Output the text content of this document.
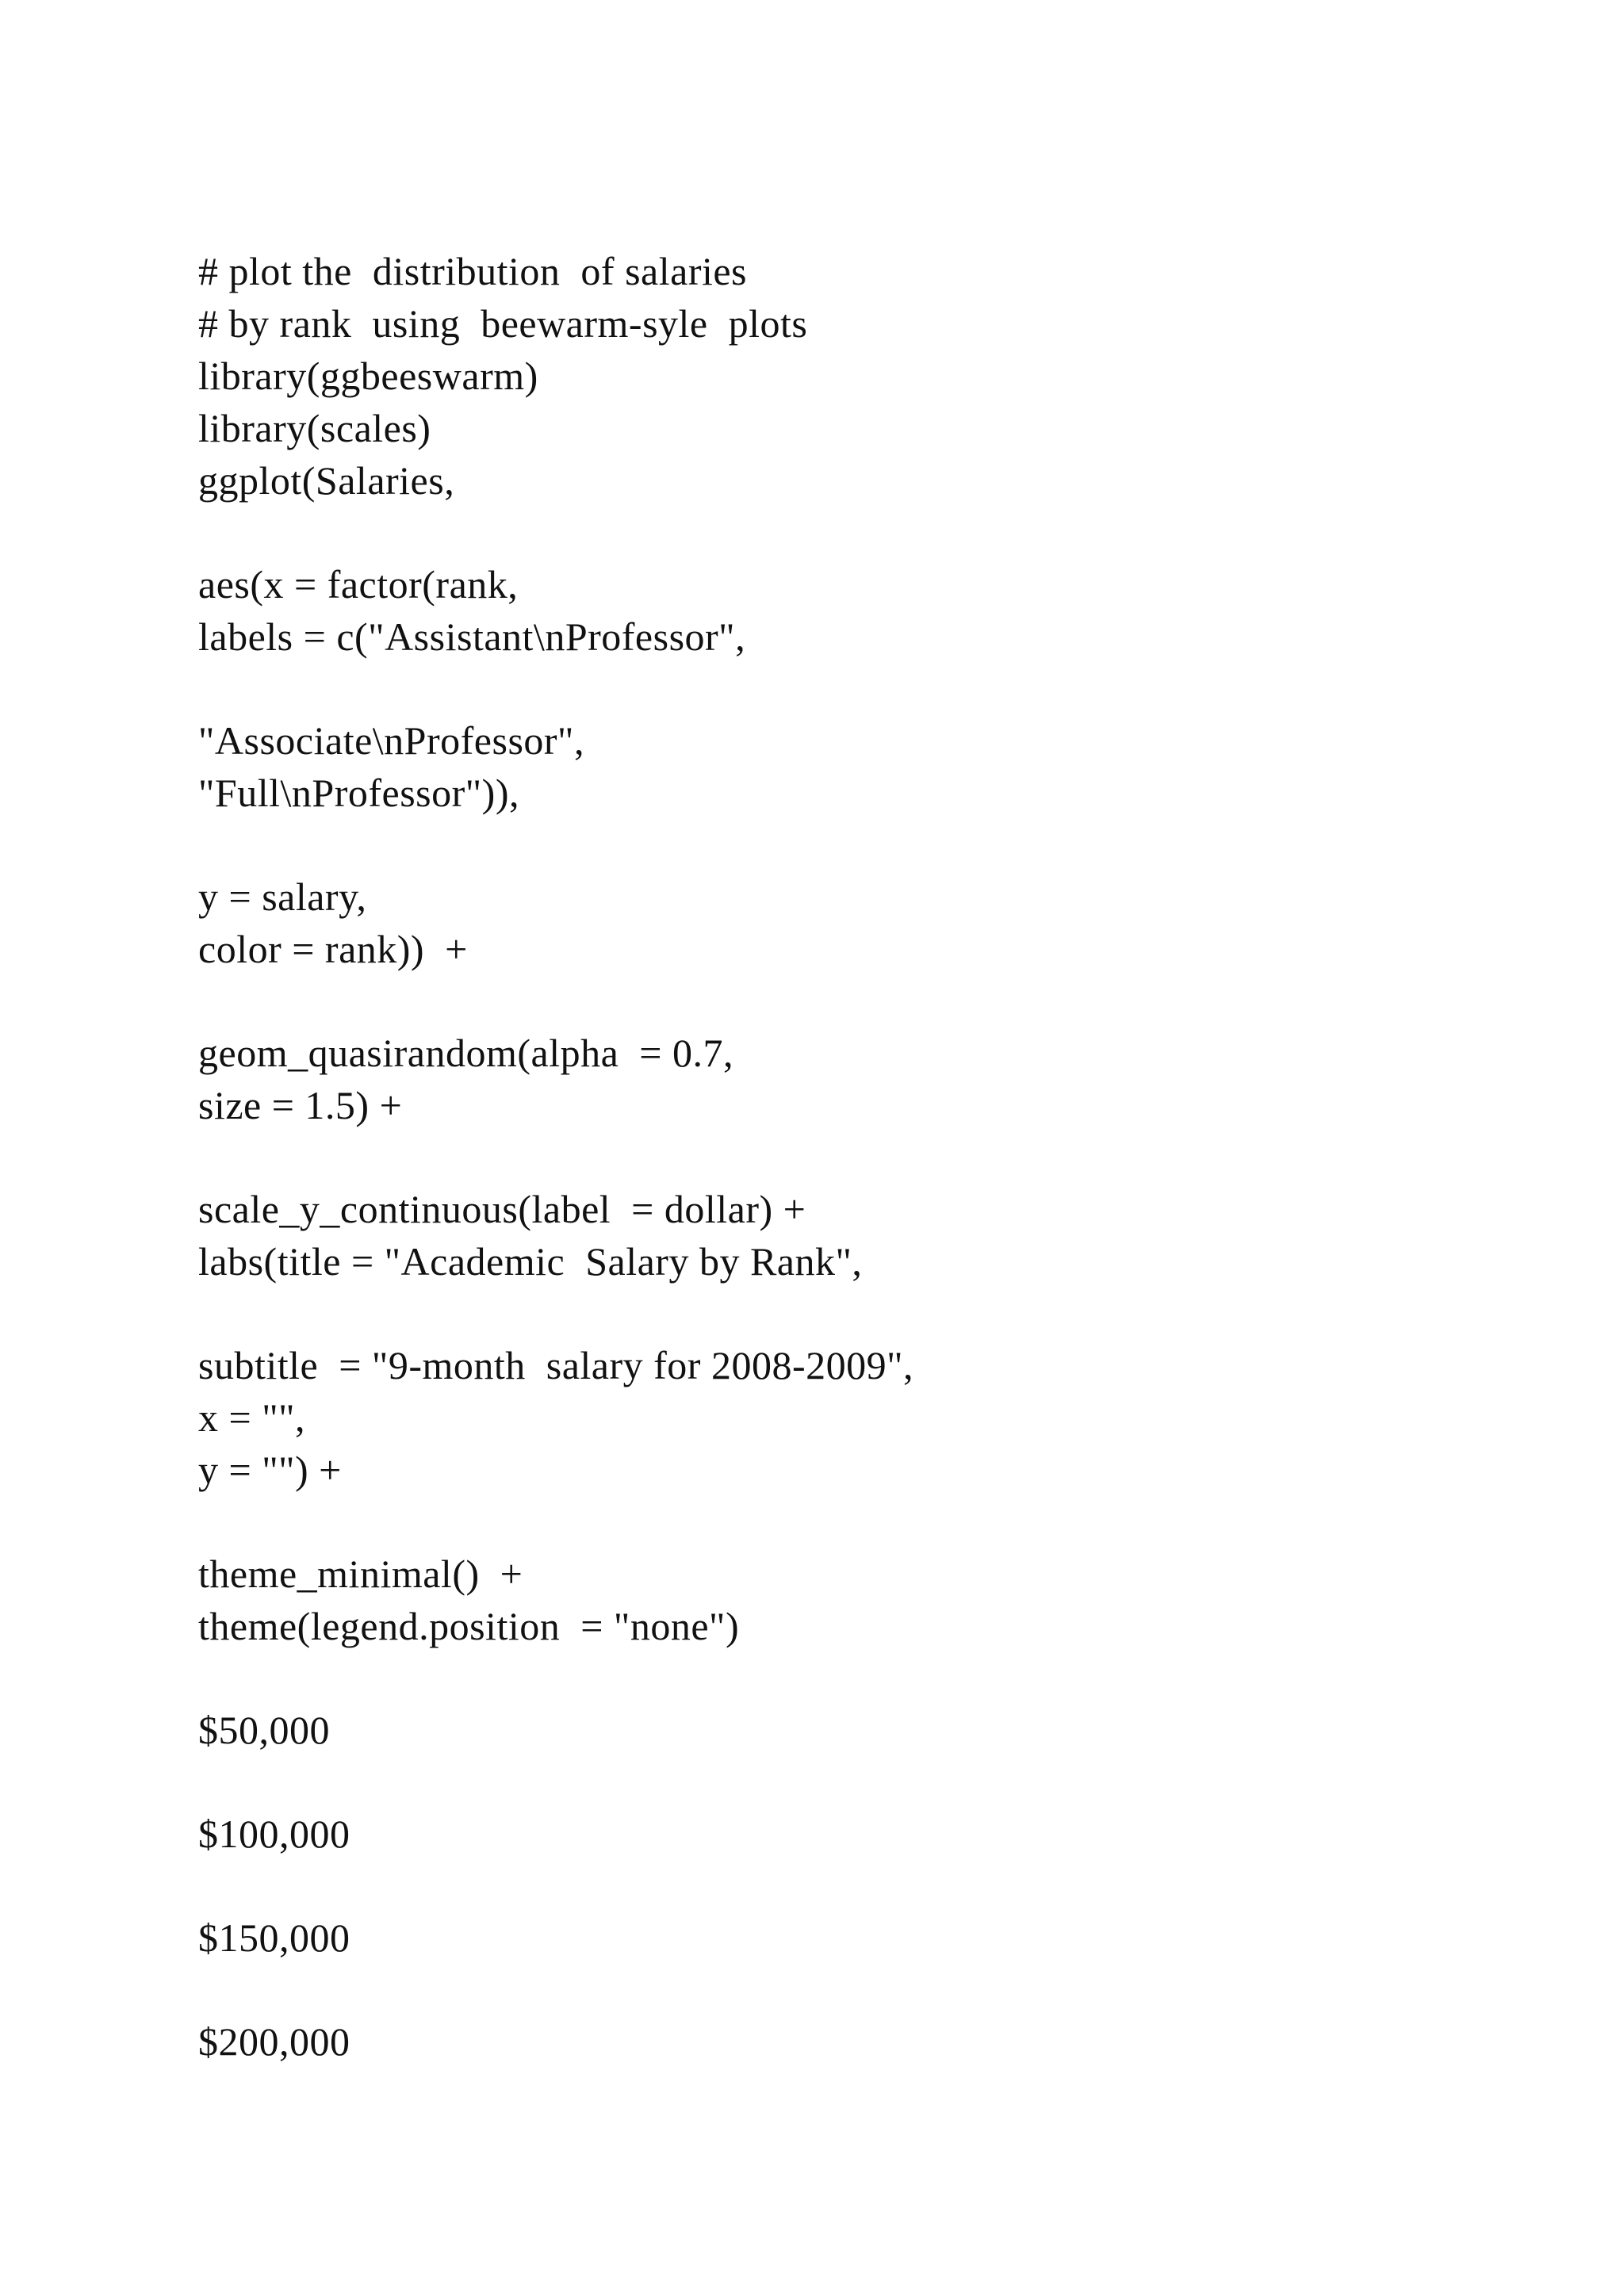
# plot the  distribution  of salaries

# by rank  using  beewarm-syle  plots

library(ggbeeswarm)

library(scales)

ggplot(Salaries,

aes(x = factor(rank,

labels = c("Assistant\nProfessor",

"Associate\nProfessor",

"Full\nProfessor")),

y = salary,

color = rank))  +

geom_quasirandom(alpha  = 0.7,

size = 1.5) +

scale_y_continuous(label  = dollar) +

labs(title = "Academic  Salary by Rank",

subtitle  = "9-month  salary for 2008-2009",

x = "",

y = "") +

theme_minimal()  +

theme(legend.position  = "none")

$50,000

$100,000

$150,000

$200,000
